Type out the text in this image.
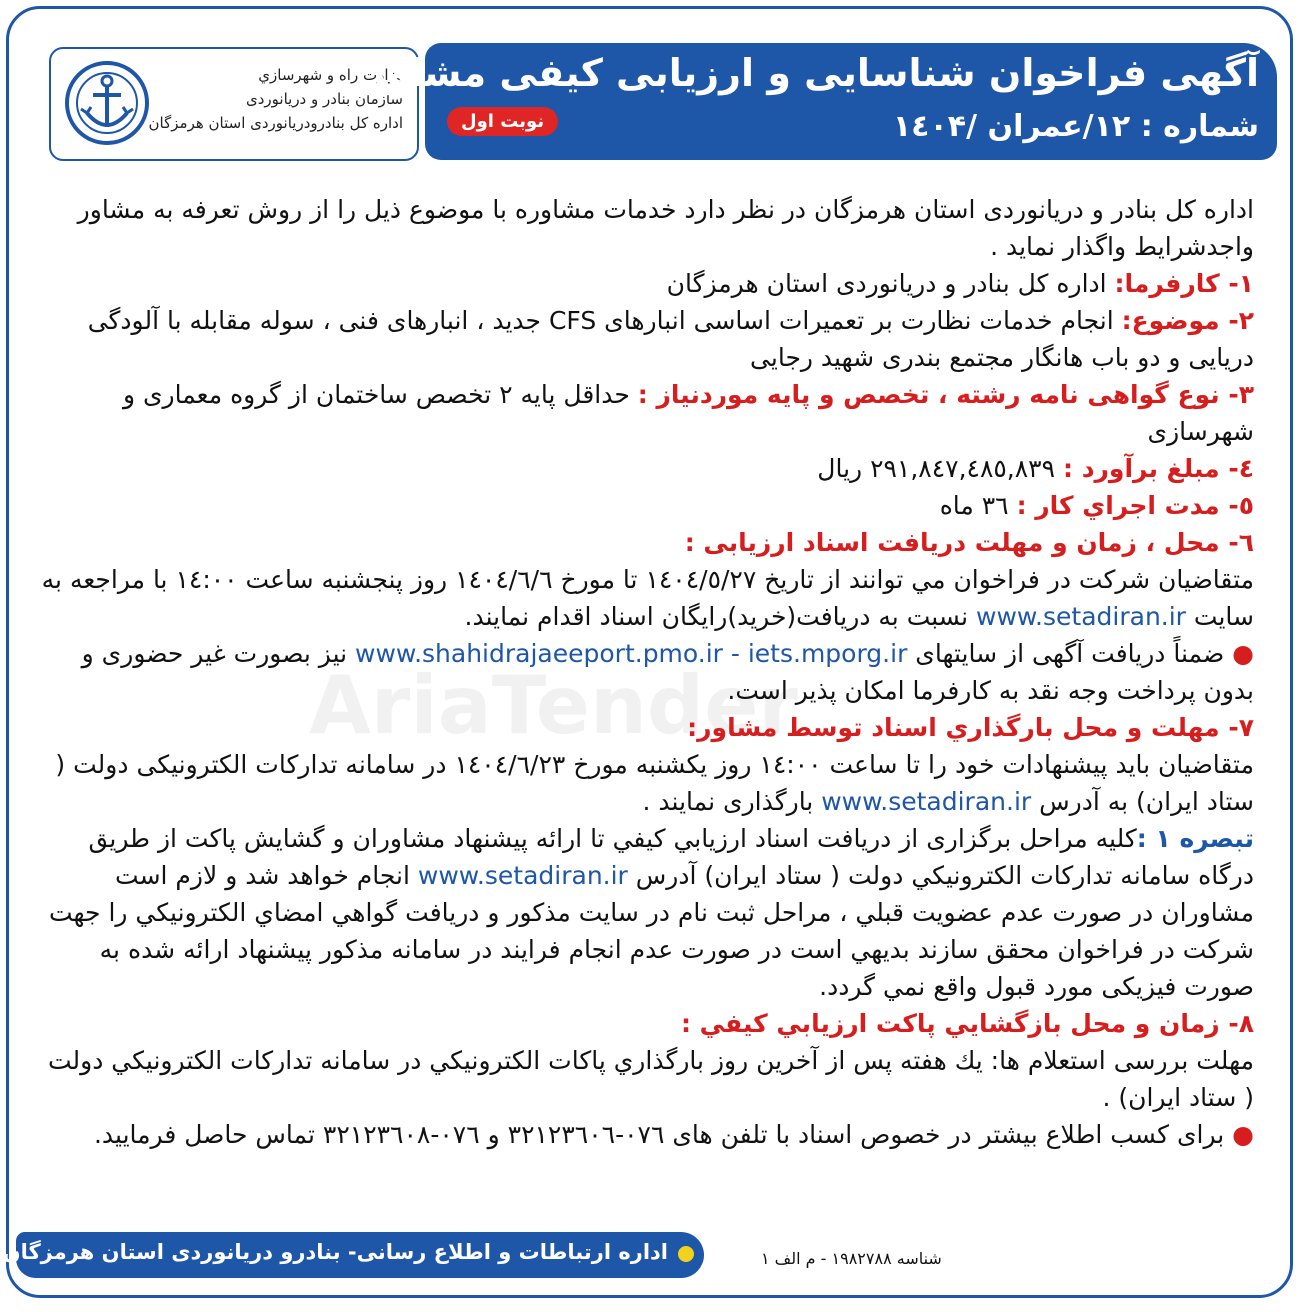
وزارت راه و شهرسازي
سازمان بنادر و دريانوردی
اداره کل بنادرودریانوردی استان هرمزگان
آگهی فراخوان شناسایی و ارزیابی کیفی مشاور
شماره : ١٢/عمران /١٤٠۴
نوبت اول
AriaTender

اداره کل بنادر و دریانوردی استان هرمزگان در نظر دارد خدمات مشاوره با موضوع ذیل را از روش تعرفه به مشاور واجدشرایط واگذار نماید .

١- کارفرما: اداره کل بنادر و دریانوردی استان هرمزگان

٢- موضوع: انجام خدمات نظارت بر تعمیرات اساسی انبارهای CFS جدید ، انبارهای فنی ، سوله مقابله با آلودگی دریایی و دو باب هانگار مجتمع بندری شهید رجایی

٣- نوع گواهی نامه رشته ، تخصص و پایه موردنیاز : حداقل پایه ٢ تخصص ساختمان از گروه معماری و شهرسازی

٤- مبلغ برآورد : ٢٩١,٨٤٧,٤٨٥,٨٣٩ ریال

٥- مدت اجراي كار : ٣٦ ماه

٦- محل ، زمان و مهلت دریافت اسناد ارزیابی :

متقاضیان شرکت در فراخوان مي توانند از تاریخ ١٤٠٤/٥/٢٧ تا مورخ ١٤٠٤/٦/٦ روز پنجشنبه ساعت ١٤:٠٠ با مراجعه به سایت www.setadiran.ir نسبت به دریافت(خرید)رایگان اسناد اقدام نمایند.

● ضمناً دریافت آگهی از سایتهای www.shahidrajaeeport.pmo.ir - iets.mporg.ir نیز بصورت غیر حضوری و بدون پرداخت وجه نقد به کارفرما امکان پذیر است.

٧- مهلت و محل بارگذاري اسناد توسط مشاور:

متقاضیان باید پیشنهادات خود را تا ساعت ١٤:٠٠ روز یکشنبه مورخ ١٤٠٤/٦/٢٣ در سامانه تدارکات الکترونیکی دولت ( ستاد ایران) به آدرس www.setadiran.ir بارگذاری نمایند .

تبصره ١ :كليه مراحل برگزاری از دریافت اسناد ارزيابي كيفي تا ارائه پيشنهاد مشاوران و گشايش پاكت از طريق درگاه سامانه تداركات الكترونيكي دولت ( ستاد ايران) آدرس www.setadiran.ir انجام خواهد شد و لازم است مشاوران در صورت عدم عضويت قبلي ، مراحل ثبت نام در سايت مذكور و دريافت گواهي امضاي الكترونيكي را جهت شركت در فراخوان محقق سازند بديهي است در صورت عدم انجام فرايند در سامانه مذكور پیشنهاد ارائه شده به صورت فیزیکی مورد قبول واقع نمي گردد.

٨- زمان و محل بازگشايي پاكت ارزيابي كيفي :

مهلت بررسی استعلام ها: يك هفته پس از آخرين روز بارگذاري پاكات الكترونيكي در سامانه تداركات الكترونيكي دولت ( ستاد ایران) .

● برای کسب اطلاع بیشتر در خصوص اسناد با تلفن های ٠٧٦-٣٢١٢٣٦٠٦ و ٠٧٦-٣٢١٢٣٦٠٨ تماس حاصل فرمایید.

شناسه ١٩٨٢٧٨٨ - م الف ١
اداره ارتباطات و اطلاع رسانی- بنادرو دریانوردی استان هرمزگان
